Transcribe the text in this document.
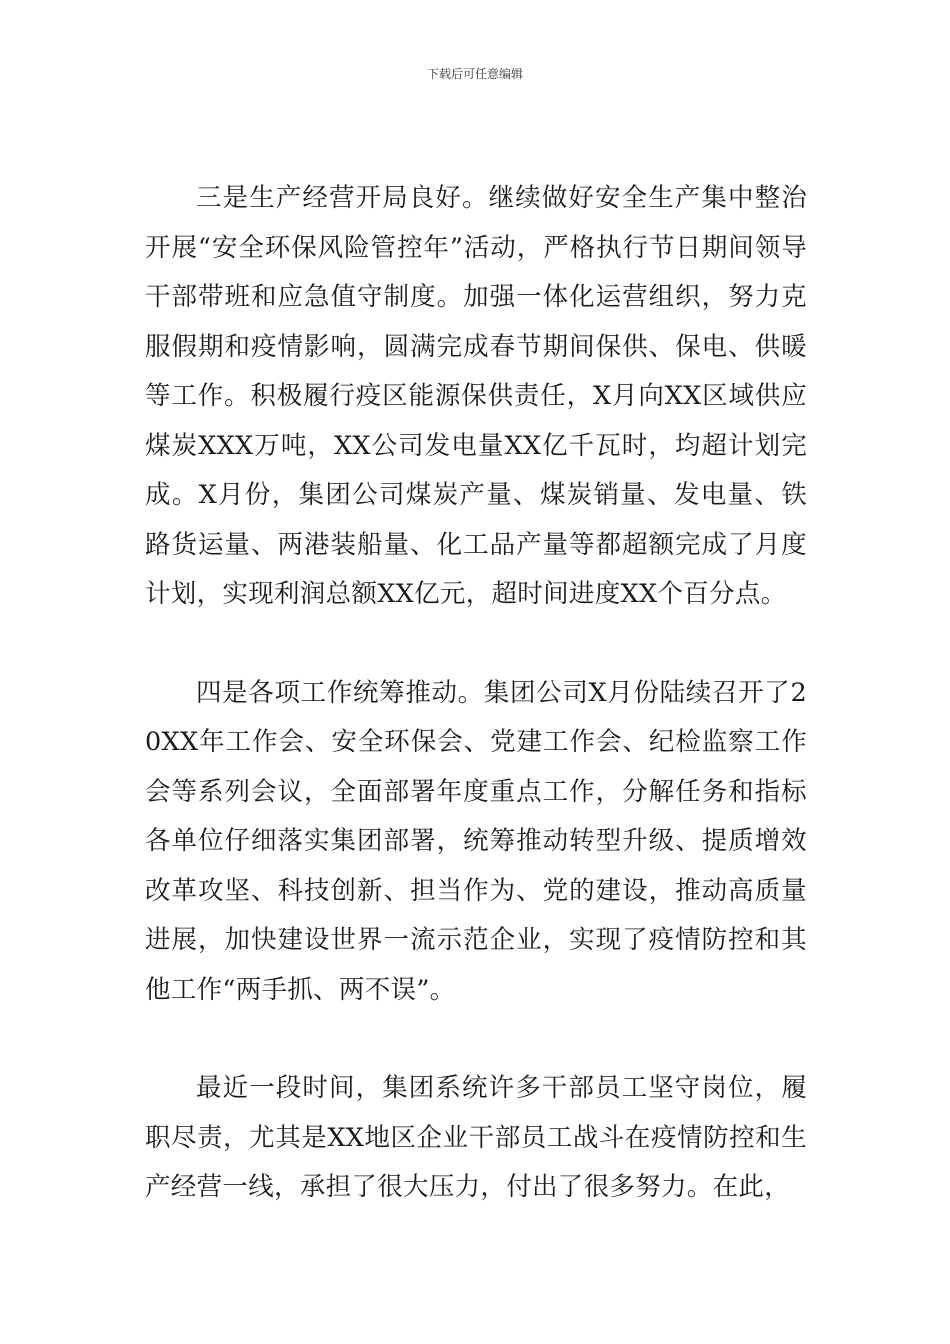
下载后可任意编辑

三是生产经营开局良好。继续做好安全生产集中整治开展“安全环保风险管控年”活动，严格执行节日期间领导干部带班和应急值守制度。加强一体化运营组织，努力克服假期和疫情影响，圆满完成春节期间保供、保电、供暖等工作。积极履行疫区能源保供责任，X月向XX区域供应煤炭XXX万吨，XX公司发电量XX亿千瓦时，均超计划完成。X月份，集团公司煤炭产量、煤炭销量、发电量、铁路货运量、两港装船量、化工品产量等都超额完成了月度计划，实现利润总额XX亿元，超时间进度XX个百分点。

四是各项工作统筹推动。集团公司X月份陆续召开了20XX年工作会、安全环保会、党建工作会、纪检监察工作会等系列会议，全面部署年度重点工作，分解任务和指标各单位仔细落实集团部署，统筹推动转型升级、提质增效改革攻坚、科技创新、担当作为、党的建设，推动高质量进展，加快建设世界一流示范企业，实现了疫情防控和其他工作“两手抓、两不误”。

最近一段时间，集团系统许多干部员工坚守岗位，履职尽责，尤其是XX地区企业干部员工战斗在疫情防控和生产经营一线，承担了很大压力，付出了很多努力。在此，
